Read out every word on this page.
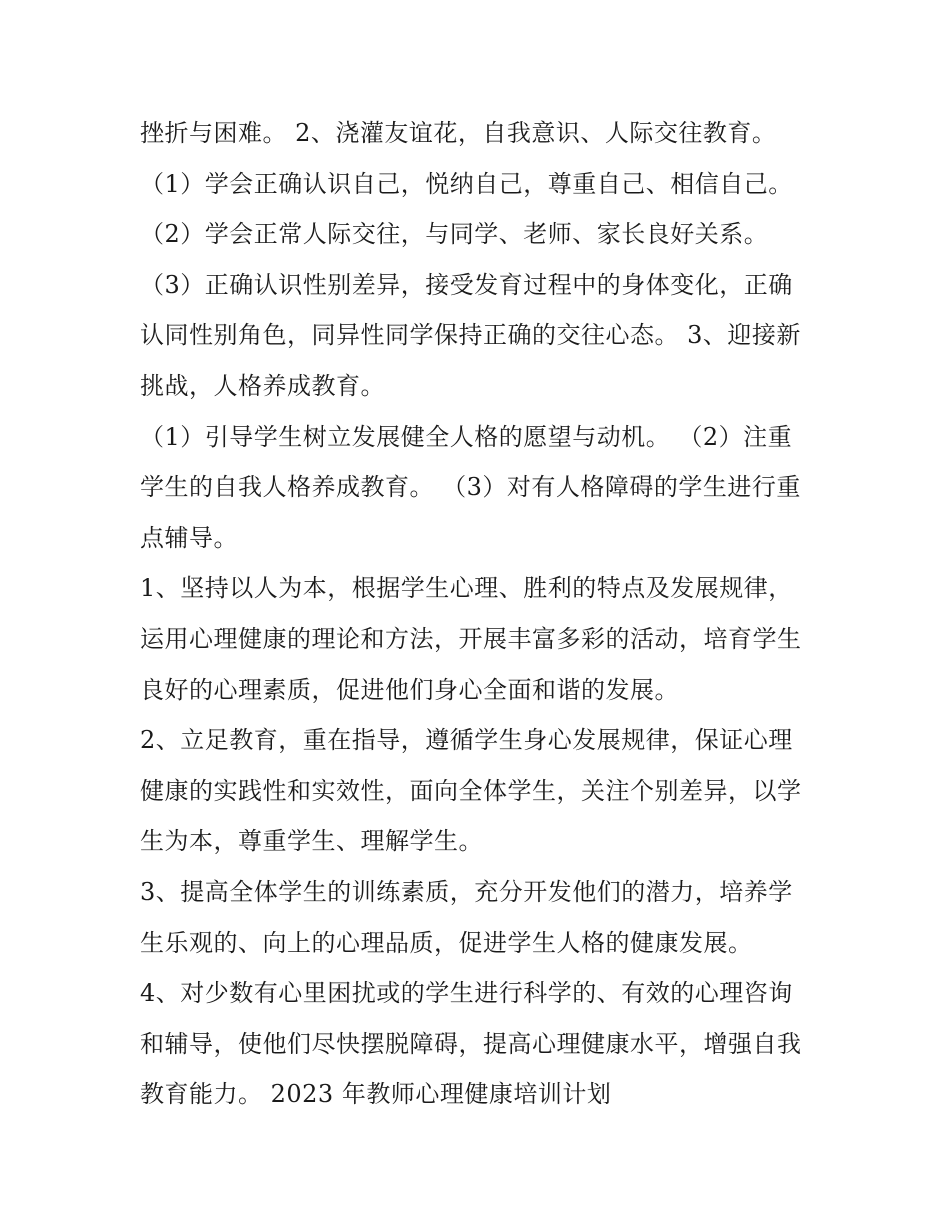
挫折与困难。 2、浇灌友谊花，自我意识、人际交往教育。
（1）学会正确认识自己，悦纳自己，尊重自己、相信自己。
（2）学会正常人际交往，与同学、老师、家长良好关系。
（3）正确认识性别差异，接受发育过程中的身体变化，正确
认同性别角色，同异性同学保持正确的交往心态。 3、迎接新
挑战，人格养成教育。
（1）引导学生树立发展健全人格的愿望与动机。 （2）注重
学生的自我人格养成教育。 （3）对有人格障碍的学生进行重
点辅导。
1、坚持以人为本，根据学生心理、胜利的特点及发展规律，
运用心理健康的理论和方法，开展丰富多彩的活动，培育学生
良好的心理素质，促进他们身心全面和谐的发展。
2、立足教育，重在指导，遵循学生身心发展规律，保证心理
健康的实践性和实效性，面向全体学生，关注个别差异，以学
生为本，尊重学生、理解学生。
3、提高全体学生的训练素质，充分开发他们的潜力，培养学
生乐观的、向上的心理品质，促进学生人格的健康发展。
4、对少数有心里困扰或的学生进行科学的、有效的心理咨询
和辅导，使他们尽快摆脱障碍，提高心理健康水平，增强自我
教育能力。 2023 年教师心理健康培训计划
